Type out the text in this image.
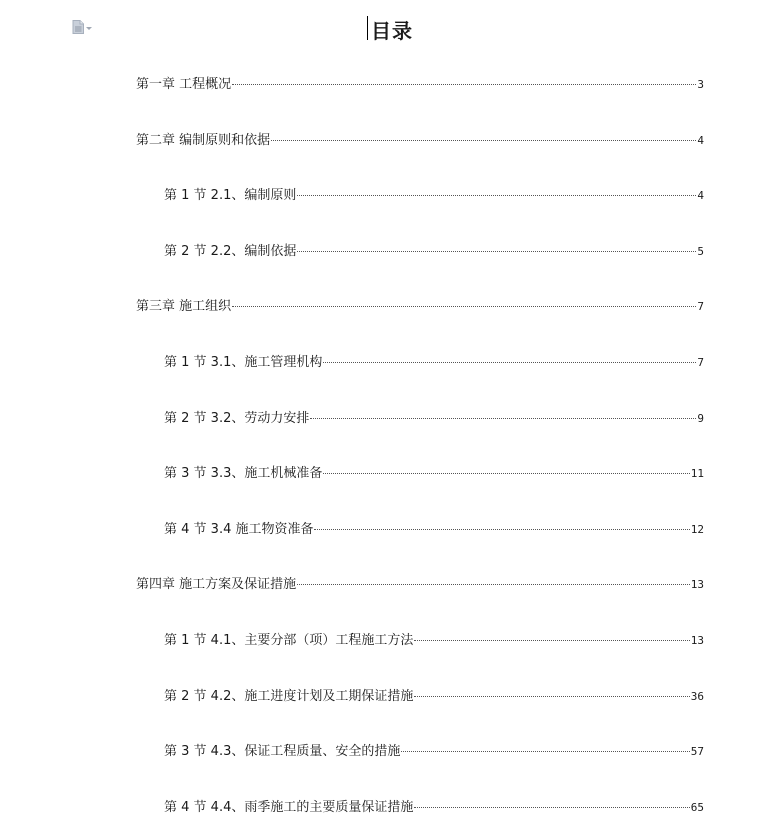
目录
第一章 工程概况	3
第二章 编制原则和依据	4
第 1 节 2.1、编制原则	4
第 2 节 2.2、编制依据	5
第三章 施工组织	7
第 1 节 3.1、施工管理机构	7
第 2 节 3.2、劳动力安排	9
第 3 节 3.3、施工机械准备	11
第 4 节 3.4 施工物资准备	12
第四章 施工方案及保证措施	13
第 1 节 4.1、主要分部（项）工程施工方法	13
第 2 节 4.2、施工进度计划及工期保证措施	36
第 3 节 4.3、保证工程质量、安全的措施	57
第 4 节 4.4、雨季施工的主要质量保证措施	65
